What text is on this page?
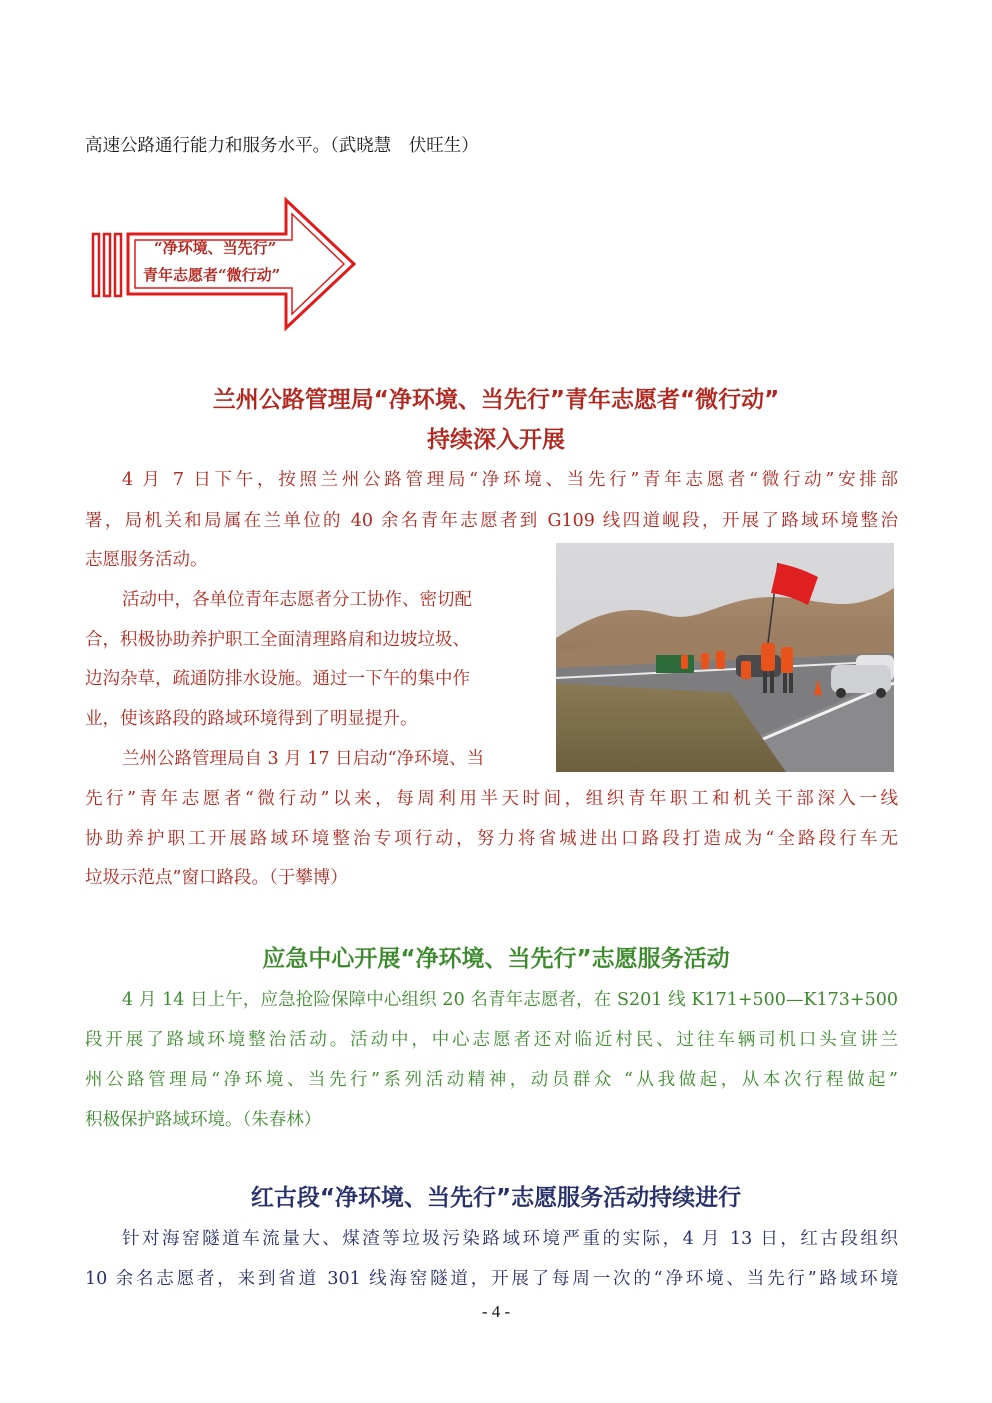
高速公路通行能力和服务水平。（武晓慧　伏旺生）
“净环境、当先行”
青年志愿者“微行动”
兰州公路管理局“净环境、当先行”青年志愿者“微行动”
持续深入开展
4 月 7 日下午，按照兰州公路管理局“净环境、当先行”青年志愿者“微行动”安排部
署，局机关和局属在兰单位的 40 余名青年志愿者到 G109 线四道岘段，开展了路域环境整治
志愿服务活动。
活动中，各单位青年志愿者分工协作、密切配
合，积极协助养护职工全面清理路肩和边坡垃圾、
边沟杂草，疏通防排水设施。通过一下午的集中作
业，使该路段的路域环境得到了明显提升。
兰州公路管理局自 3 月 17 日启动“净环境、当
先行”青年志愿者“微行动”以来，每周利用半天时间，组织青年职工和机关干部深入一线
协助养护职工开展路域环境整治专项行动，努力将省城进出口路段打造成为“全路段行车无
垃圾示范点”窗口路段。（于攀博）
应急中心开展“净环境、当先行”志愿服务活动
4 月 14 日上午，应急抢险保障中心组织 20 名青年志愿者，在 S201 线 K171+500—K173+500
段开展了路域环境整治活动。活动中，中心志愿者还对临近村民、过往车辆司机口头宣讲兰
州公路管理局“净环境、当先行”系列活动精神，动员群众 “从我做起，从本次行程做起”
积极保护路域环境。（朱春林）
红古段“净环境、当先行”志愿服务活动持续进行
针对海窑隧道车流量大、煤渣等垃圾污染路域环境严重的实际，4 月 13 日，红古段组织
10 余名志愿者，来到省道 301 线海窑隧道，开展了每周一次的“净环境、当先行”路域环境
- 4 -
